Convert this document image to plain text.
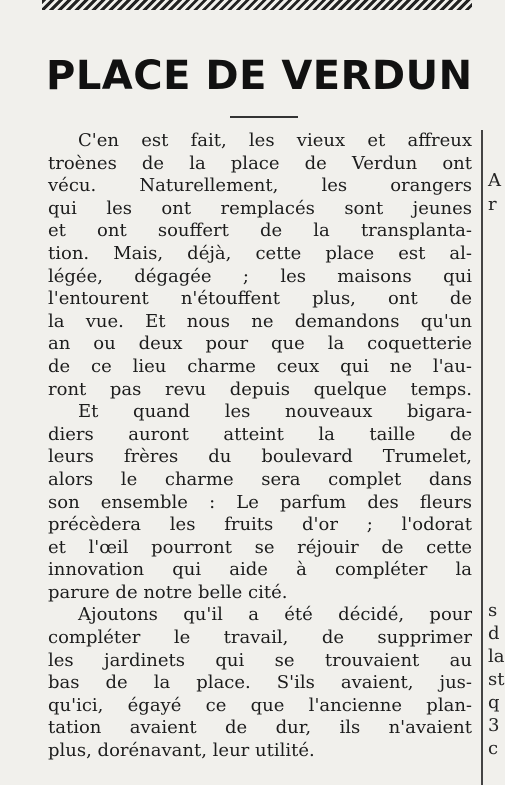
PLACE DE VERDUN

C'en est fait, les vieux et affreux
troènes de la place de Verdun ont
vécu. Naturellement, les orangers
qui les ont remplacés sont jeunes
et ont souffert de la transplanta-
tion. Mais, déjà, cette place est al-
légée, dégagée ; les maisons qui
l'entourent n'étouffent plus, ont de
la vue. Et nous ne demandons qu'un
an ou deux pour que la coquetterie
de ce lieu charme ceux qui ne l'au-
ront pas revu depuis quelque temps.

Et quand les nouveaux bigara-
diers auront atteint la taille de
leurs frères du boulevard Trumelet,
alors le charme sera complet dans
son ensemble : Le parfum des fleurs
précèdera les fruits d'or ; l'odorat
et l'œil pourront se réjouir de cette
innovation qui aide à compléter la
parure de notre belle cité.

Ajoutons qu'il a été décidé, pour
compléter le travail, de supprimer
les jardinets qui se trouvaient au
bas de la place. S'ils avaient, jus-
qu'ici, égayé ce que l'ancienne plan-
tation avaient de dur, ils n'avaient
plus, dorénavant, leur utilité.

A
r
s
d
la
st
q
3
c
